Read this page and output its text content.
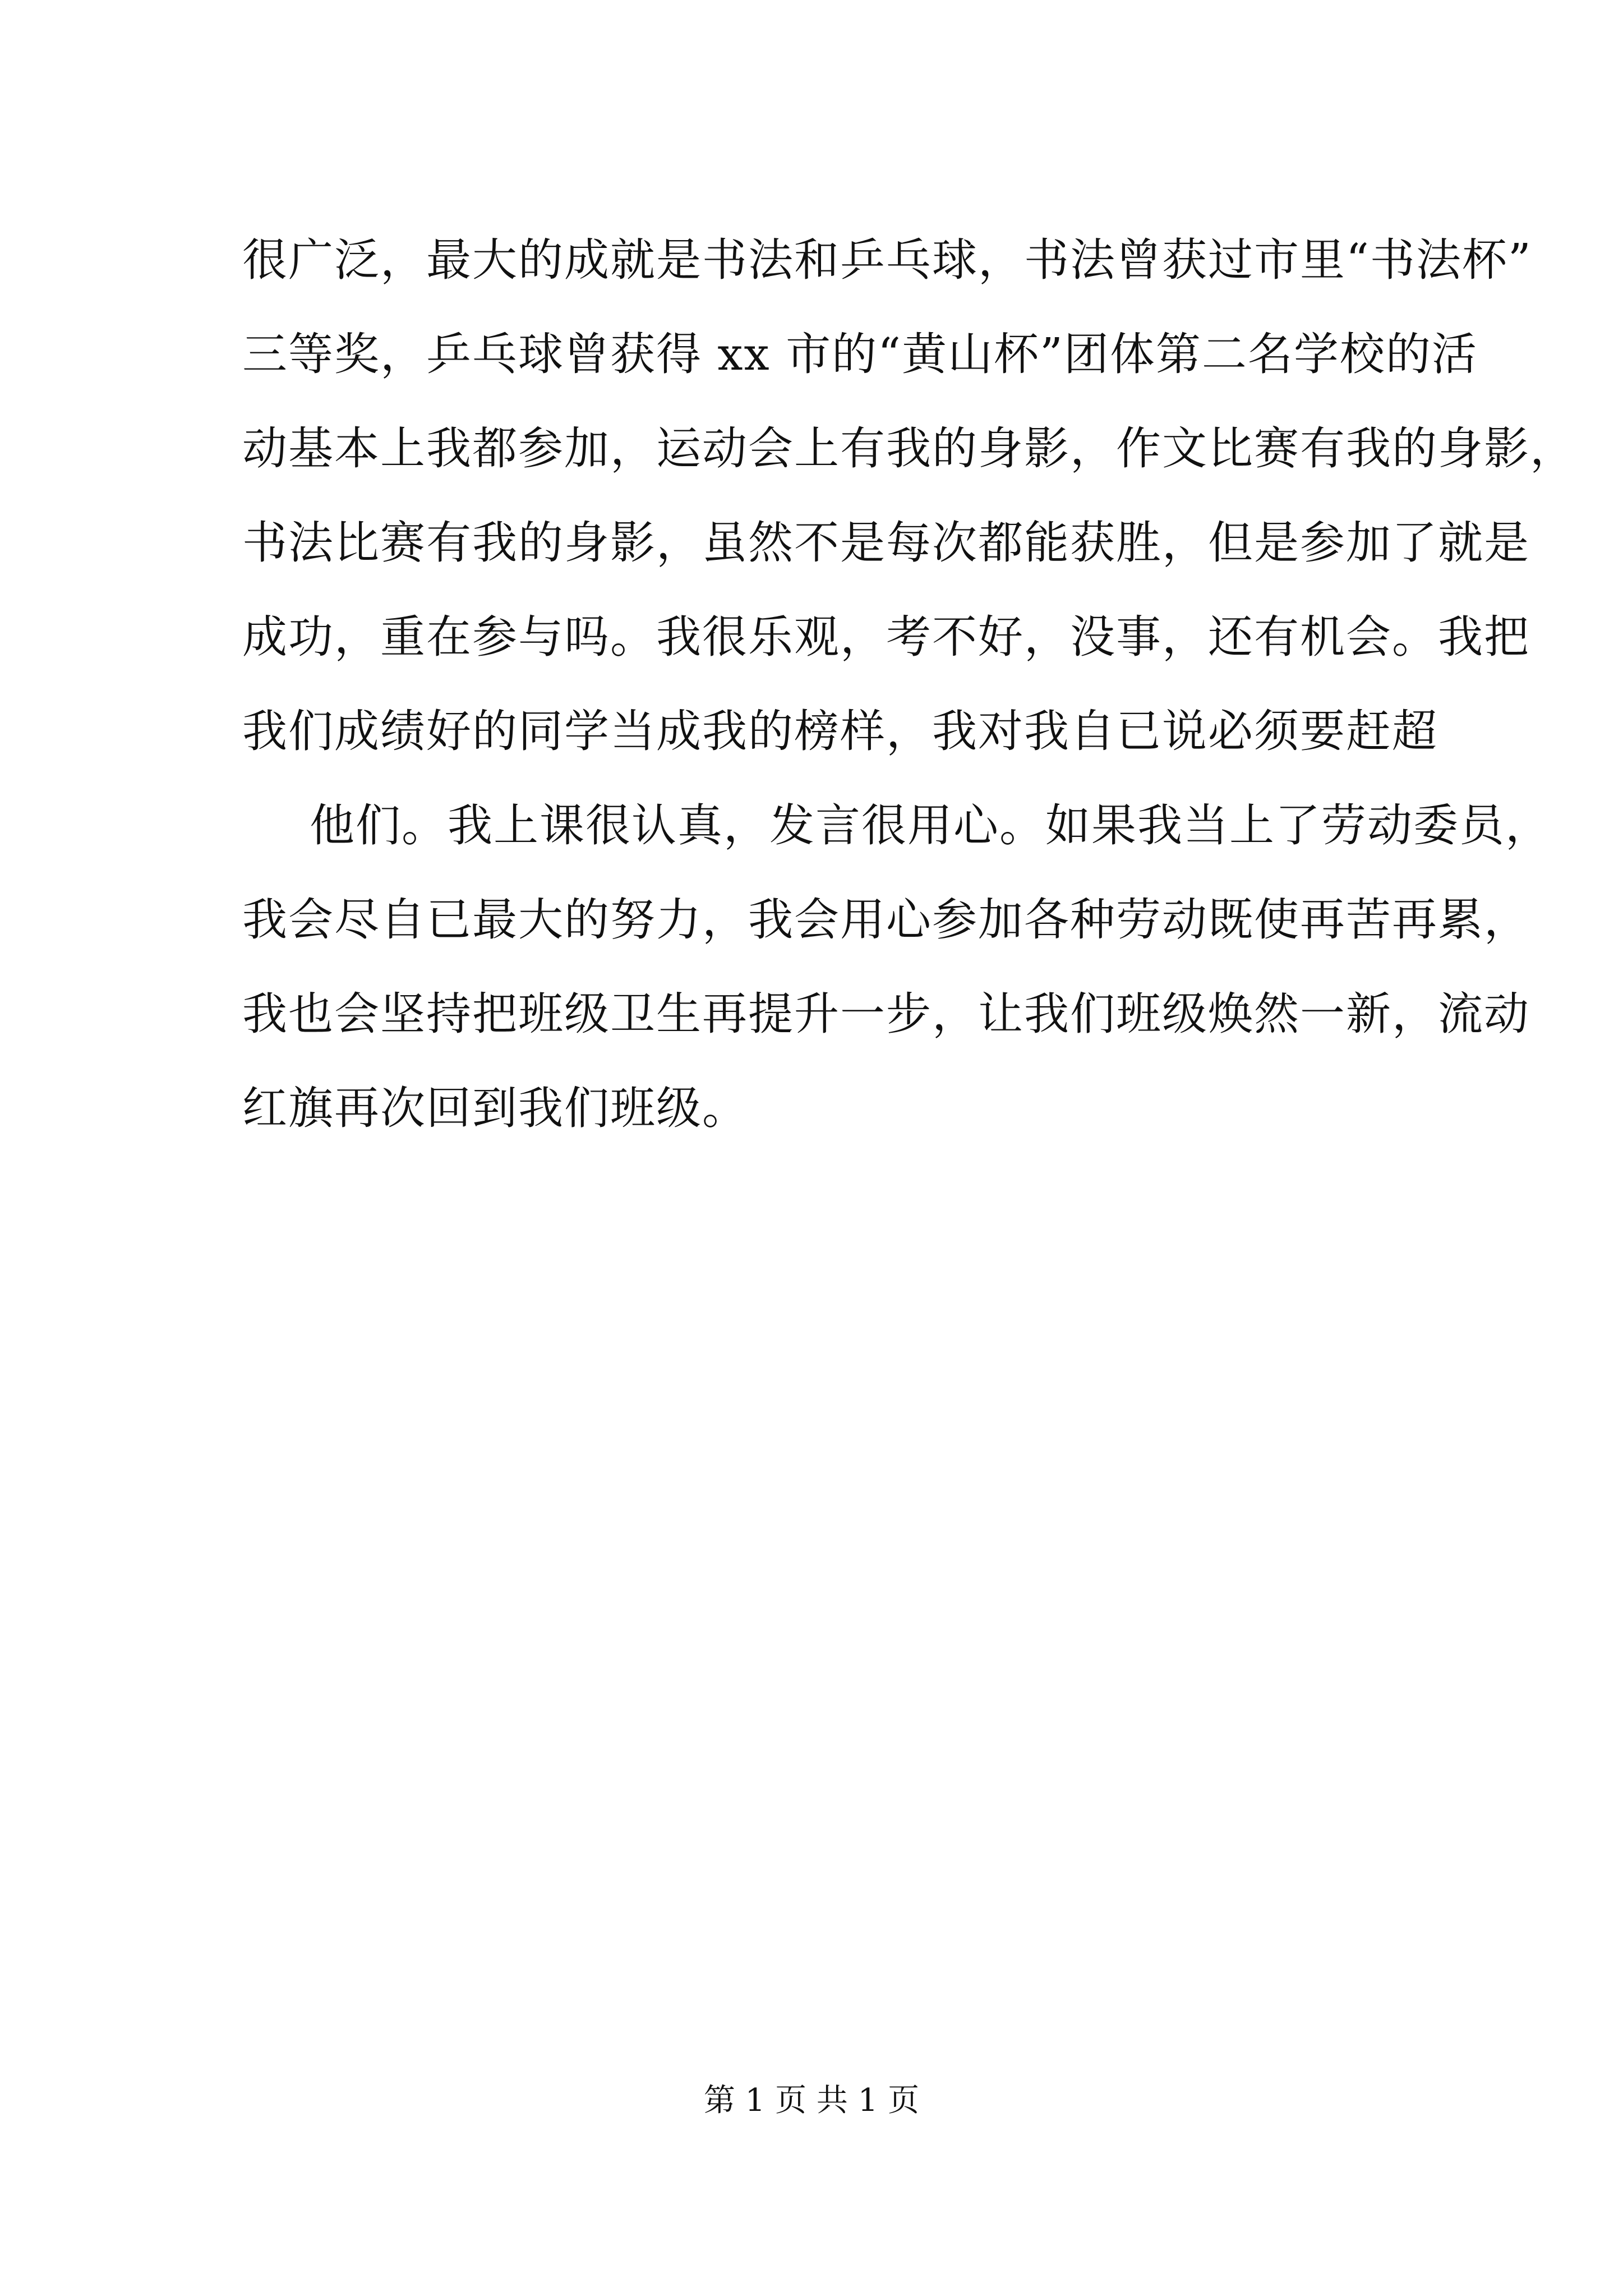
很广泛，最大的成就是书法和乒乓球，书法曾获过市里“书法杯”
三等奖，乒乓球曾获得 xx 市的“黄山杯”团体第二名学校的活
动基本上我都参加，运动会上有我的身影，作文比赛有我的身影，
书法比赛有我的身影，虽然不是每次都能获胜，但是参加了就是
成功，重在参与吗。我很乐观，考不好，没事，还有机会。我把
我们成绩好的同学当成我的榜样，我对我自已说必须要赶超
他们。我上课很认真，发言很用心。如果我当上了劳动委员，
我会尽自已最大的努力，我会用心参加各种劳动既使再苦再累，
我也会坚持把班级卫生再提升一步，让我们班级焕然一新，流动
红旗再次回到我们班级。
第 1 页 共 1 页
